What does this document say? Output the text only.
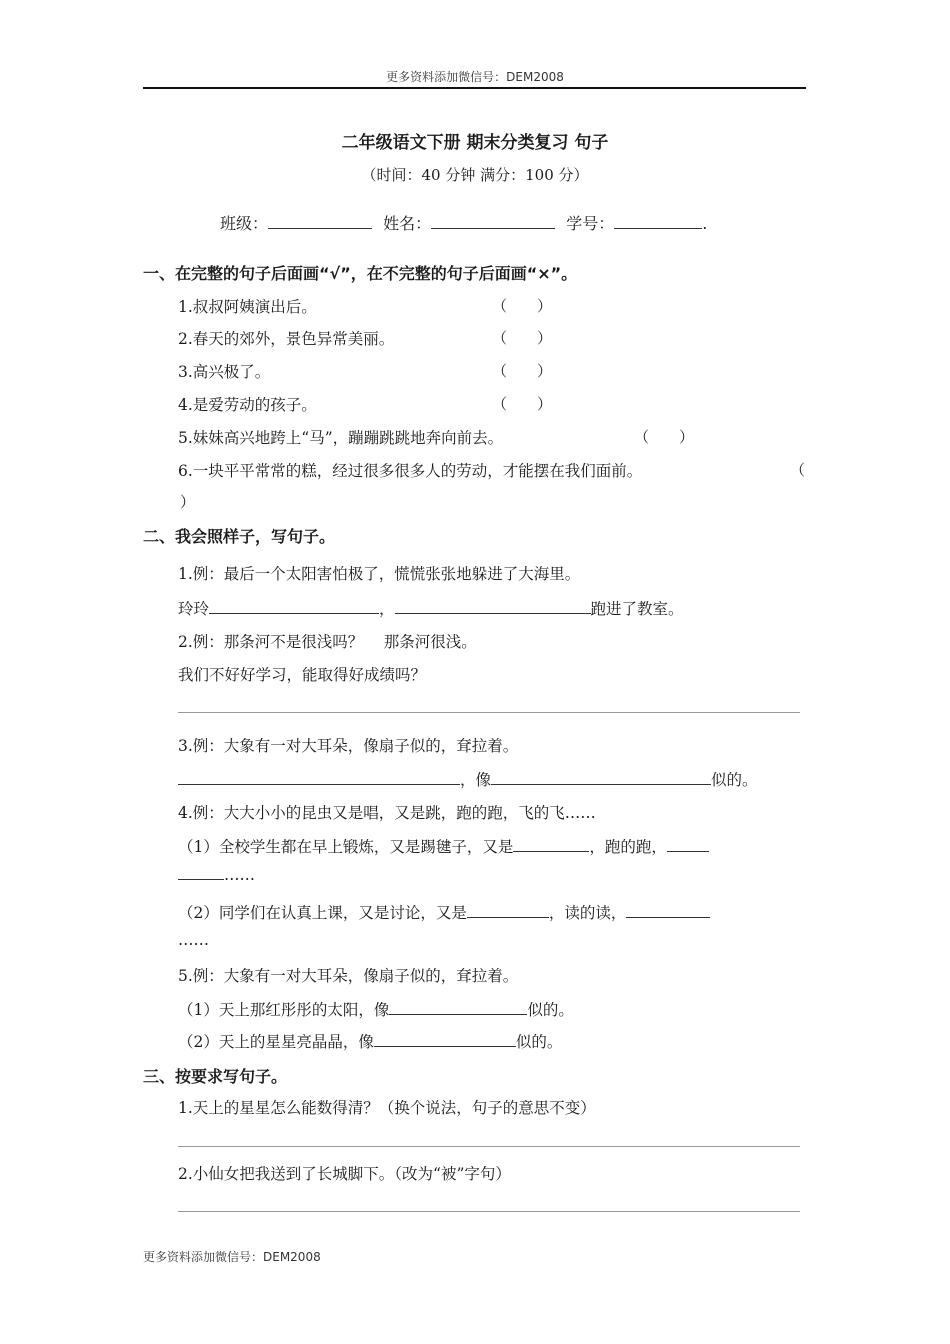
更多资料添加微信号：DEM2008
二年级语文下册 期末分类复习 句子
（时间：40 分钟 满分：100 分）
班级：	姓名：	学号：	.
一、在完整的句子后面画“√”，在不完整的句子后面画“×”。
1.叔叔阿姨演出后。	（　　）
2.春天的郊外，景色异常美丽。	（　　）
3.高兴极了。	（　　）
4.是爱劳动的孩子。	（　　）
5.妹妹高兴地跨上“马”，蹦蹦跳跳地奔向前去。	（　　）
6.一块平平常常的糕，经过很多很多人的劳动，才能摆在我们面前。	（
）
二、我会照样子，写句子。
1.例：最后一个太阳害怕极了，慌慌张张地躲进了大海里。
玲玲	，	跑进了教室。
2.例：那条河不是很浅吗？　 那条河很浅。
我们不好好学习，能取得好成绩吗？
3.例：大象有一对大耳朵，像扇子似的，耷拉着。
，像	似的。
4.例：大大小小的昆虫又是唱，又是跳，跑的跑，飞的飞……
（1）全校学生都在早上锻炼，又是踢毽子，又是	，跑的跑，
……
（2）同学们在认真上课，又是讨论，又是	，读的读，
……
5.例：大象有一对大耳朵，像扇子似的，耷拉着。
（1）天上那红彤彤的太阳，像	似的。
（2）天上的星星亮晶晶，像	似的。
三、按要求写句子。
1.天上的星星怎么能数得清？（换个说法，句子的意思不变）
2.小仙女把我送到了长城脚下。（改为“被”字句）
更多资料添加微信号：DEM2008
